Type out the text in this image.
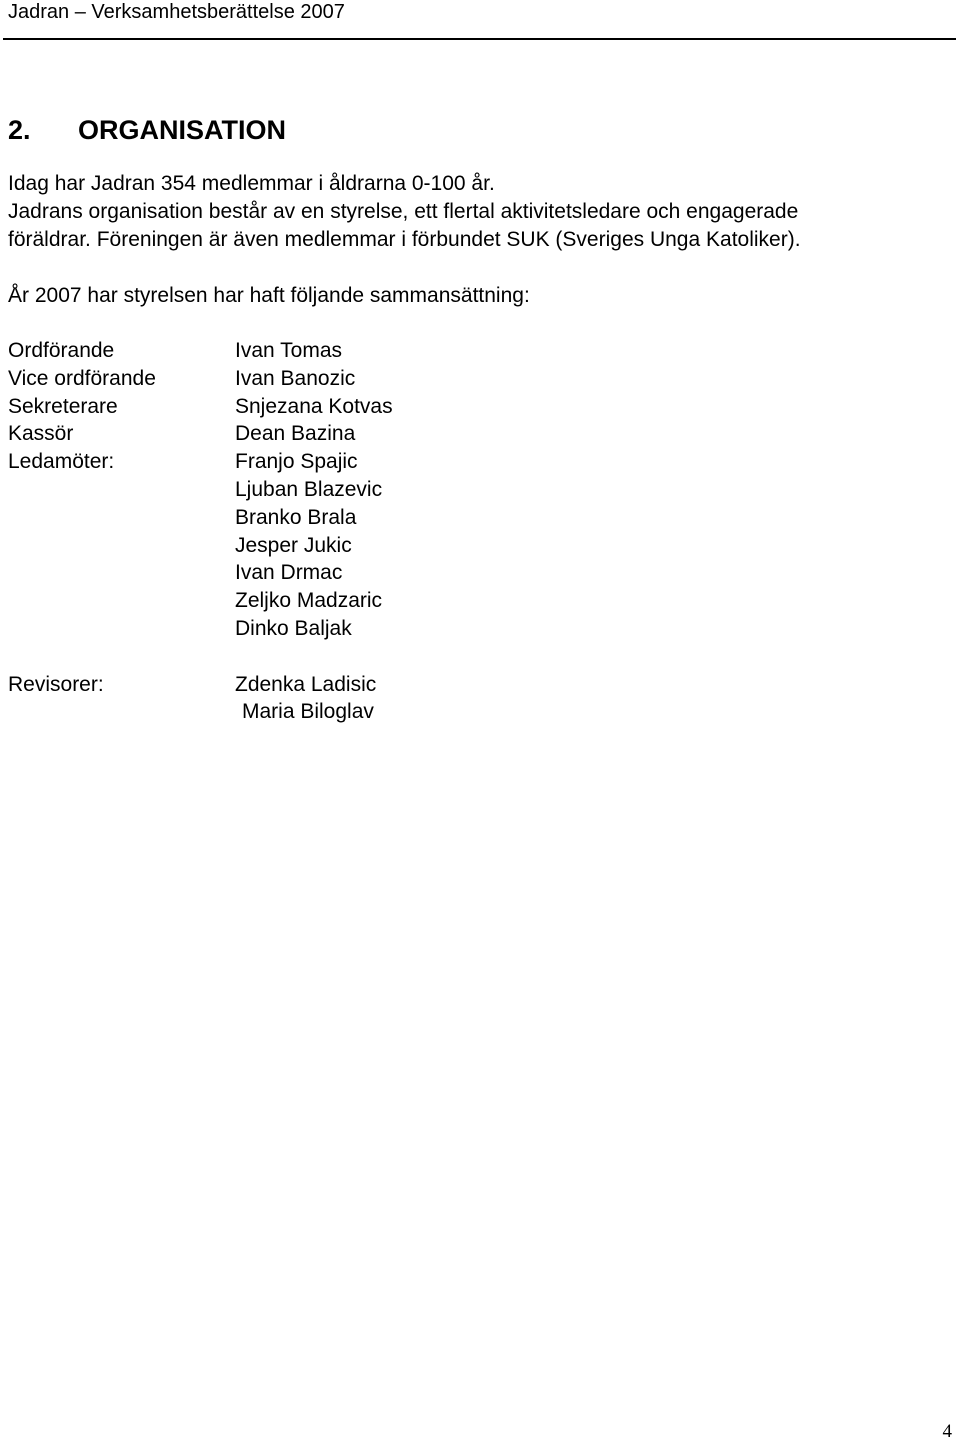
Jadran – Verksamhetsberättelse 2007
2. ORGANISATION

Idag har Jadran 354 medlemmar i åldrarna 0-100 år.

Jadrans organisation består av en styrelse, ett flertal aktivitetsledare och engagerade

föräldrar. Föreningen är även medlemmar i förbundet SUK (Sveriges Unga Katoliker).

År 2007 har styrelsen har haft följande sammansättning:
Ordförande
Vice ordförande
Sekreterare
Kassör
Ledamöter:
Revisorer:
Ivan Tomas
Ivan Banozic
Snjezana Kotvas
Dean Bazina
Franjo Spajic
Ljuban Blazevic
Branko Brala
Jesper Jukic
Ivan Drmac
Zeljko Madzaric
Dinko Baljak
Zdenka Ladisic
Maria Biloglav
4
